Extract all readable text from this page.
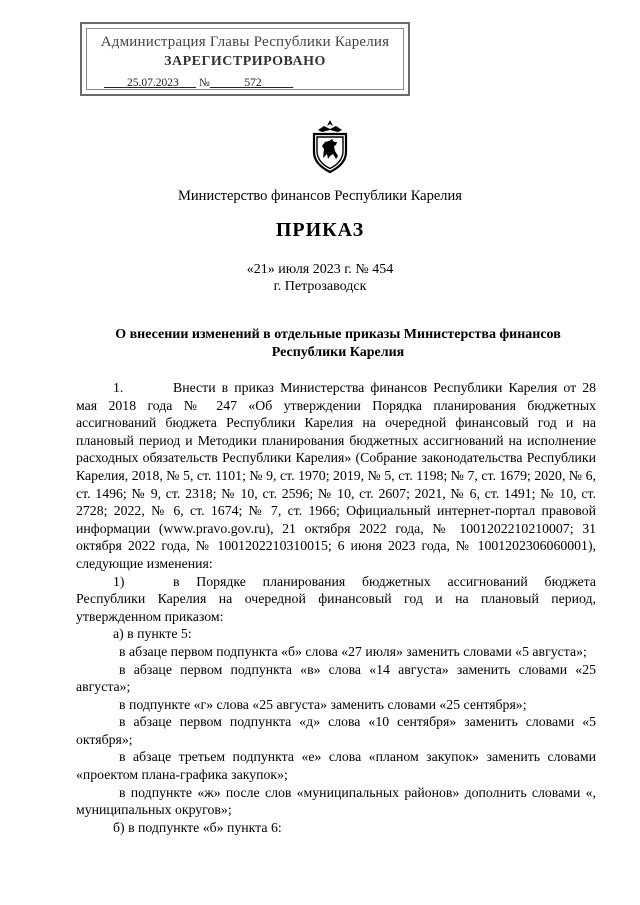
Администрация Главы Республики Карелия
ЗАРЕГИСТРИРОВАНО
25.07.2023 №	572
Министерство финансов Республики Карелия
ПРИКАЗ
«21» июля 2023 г. № 454
г. Петрозаводск
О внесении изменений в отдельные приказы Министерства финансов
Республики Карелия

1.	Внести в приказ Министерства финансов Республики Карелия от 28 мая 2018 года № 247 «Об утверждении Порядка планирования бюджетных ассигнований бюджета Республики Карелия на очередной финансовый год и на плановый период и Методики планирования бюджетных ассигнований на исполнение расходных обязательств Республики Карелия» (Собрание законодательства Республики Карелия, 2018, № 5, ст. 1101; № 9, ст. 1970; 2019, № 5, ст. 1198; № 7, ст. 1679; 2020, № 6, ст. 1496; № 9, ст. 2318; № 10, ст. 2596; № 10, ст. 2607; 2021, № 6, ст. 1491; № 10, ст. 2728; 2022, № 6, ст. 1674; № 7, ст. 1966; Официальный интернет-портал правовой информации (www.pravo.gov.ru), 21 октября 2022 года, № 1001202210210007; 31 октября 2022 года, № 1001202210310015; 6 июня 2023 года, № 1001202306060001), следующие изменения:

1)	в Порядке планирования бюджетных ассигнований бюджета Республики Карелия на очередной финансовый год и на плановый период, утвержденном приказом:

а) в пункте 5:

в абзаце первом подпункта «б» слова «27 июля» заменить словами «5 августа»;

в абзаце первом подпункта «в» слова «14 августа» заменить словами «25 августа»;

в подпункте «г» слова «25 августа» заменить словами «25 сентября»;

в абзаце первом подпункта «д» слова «10 сентября» заменить словами «5 октября»;

в абзаце третьем подпункта «е» слова «планом закупок» заменить словами «проектом плана-графика закупок»;

в подпункте «ж» после слов «муниципальных районов» дополнить словами «, муниципальных округов»;

б) в подпункте «б» пункта 6:
